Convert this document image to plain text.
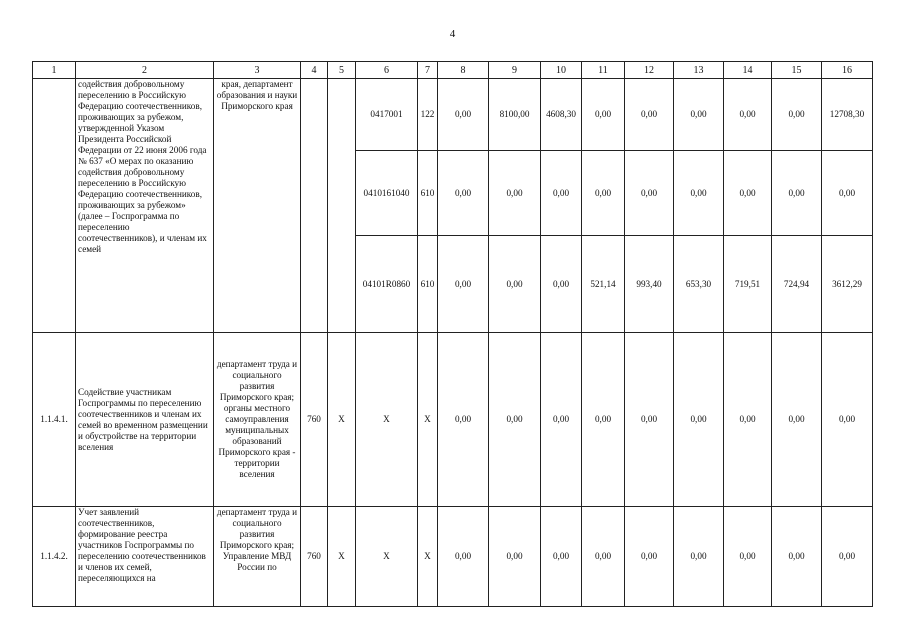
4
1	2	3	4	5	6	7	8	9	10	11	12	13	14	15	16
	содействия добровольному переселению в Российскую Федерацию соотечественников, проживающих за рубежом, утвержденной Указом Президента Российской Федерации от 22 июня 2006 года № 637 «О мерах по оказанию содействия добровольному переселению в Российскую Федерацию соотечественников, проживающих за рубежом» (далее – Госпрограмма по переселению соотечественников), и членам их семей	края, департамент образования и науки Приморского края			0417001	122	0,00	8100,00	4608,30	0,00	0,00	0,00	0,00	0,00	12708,30
					0410161040	610	0,00	0,00	0,00	0,00	0,00	0,00	0,00	0,00	0,00
					04101R0860	610	0,00	0,00	0,00	521,14	993,40	653,30	719,51	724,94	3612,29
1.1.4.1.	Содействие участникам Госпрограммы по переселению соотечественников и членам их семей во временном размещении и обустройстве на территории вселения	департамент труда и социального развития Приморского края; органы местного самоуправления муниципальных образований Приморского края - территории вселения	760	X	X	X	0,00	0,00	0,00	0,00	0,00	0,00	0,00	0,00	0,00
1.1.4.2.	Учет заявлений соотечественников, формирование реестра участников Госпрограммы по переселению соотечественников и членов их семей, переселяющихся на	департамент труда и социального развития Приморского края; Управление МВД России по	760	X	X	X	0,00	0,00	0,00	0,00	0,00	0,00	0,00	0,00	0,00
